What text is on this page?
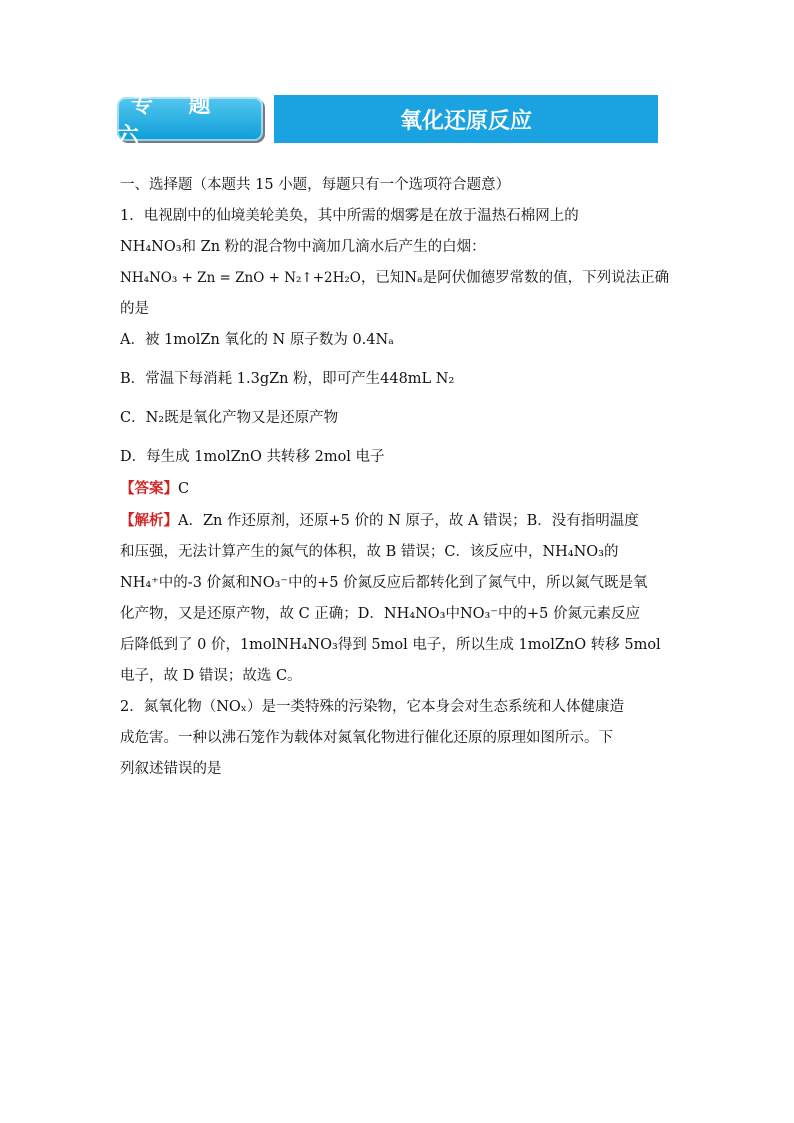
专 题 六
氧化还原反应

一、选择题（本题共 15 小题，每题只有一个选项符合题意）

1．电视剧中的仙境美轮美奂，其中所需的烟雾是在放于温热石棉网上的

NH₄NO₃和 Zn 粉的混合物中滴加几滴水后产生的白烟：

NH₄NO₃ + Zn = ZnO + N₂↑+2H₂O，已知Nₐ是阿伏伽德罗常数的值，下列说法正确

的是

A．被 1molZn 氧化的 N 原子数为 0.4Nₐ

B．常温下每消耗 1.3gZn 粉，即可产生448mL N₂

C．N₂既是氧化产物又是还原产物

D．每生成 1molZnO 共转移 2mol 电子

【答案】C

【解析】A．Zn 作还原剂，还原+5 价的 N 原子，故 A 错误；B．没有指明温度

和压强，无法计算产生的氮气的体积，故 B 错误；C．该反应中，NH₄NO₃的

NH₄⁺中的-3 价氮和NO₃⁻中的+5 价氮反应后都转化到了氮气中，所以氮气既是氧

化产物，又是还原产物，故 C 正确；D．NH₄NO₃中NO₃⁻中的+5 价氮元素反应

后降低到了 0 价，1molNH₄NO₃得到 5mol 电子，所以生成 1molZnO 转移 5mol

电子，故 D 错误；故选 C。

2．氮氧化物（NOₓ）是一类特殊的污染物，它本身会对生态系统和人体健康造

成危害。一种以沸石笼作为载体对氮氧化物进行催化还原的原理如图所示。下

列叙述错误的是
